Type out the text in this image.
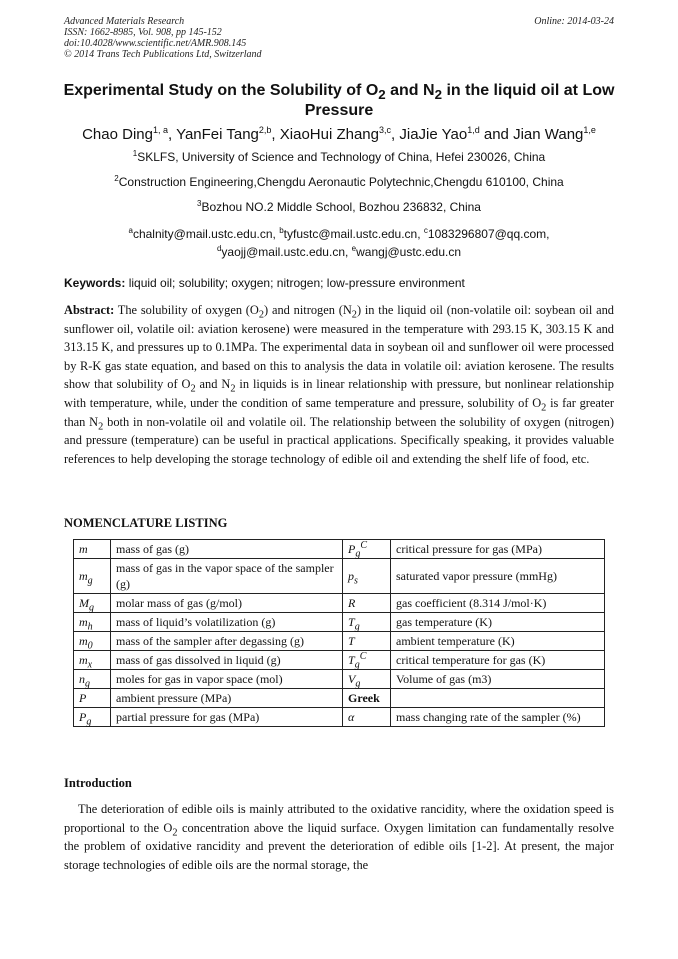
Advanced Materials Research
ISSN: 1662-8985, Vol. 908, pp 145-152
doi:10.4028/www.scientific.net/AMR.908.145
© 2014 Trans Tech Publications Ltd, Switzerland
Online: 2014-03-24
Experimental Study on the Solubility of $O_2$ and $N_2$ in the liquid oil at Low Pressure
Chao Ding$^{1, a}$, YanFei Tang$^{2,b}$, XiaoHui Zhang$^{3,c}$, JiaJie Yao$^{1,d}$ and Jian Wang$^{1,e}$
$^1$SKLFS, University of Science and Technology of China, Hefei 230026, China
$^2$Construction Engineering,Chengdu Aeronautic Polytechnic,Chengdu 610100, China
$^3$Bozhou NO.2 Middle School, Bozhou 236832, China
$^a$chalnity@mail.ustc.edu.cn, $^b$tyfustc@mail.ustc.edu.cn, $^c$1083296807@qq.com,
$^d$yaojj@mail.ustc.edu.cn, $^e$wangj@ustc.edu.cn
Keywords: liquid oil; solubility; oxygen; nitrogen; low-pressure environment
Abstract: The solubility of oxygen $(O_2)$ and nitrogen $(N_2)$ in the liquid oil (non-volatile oil: soybean oil and sunflower oil, volatile oil: aviation kerosene) were measured in the temperature with 293.15 K, 303.15 K and 313.15 K, and pressures up to 0.1MPa. The experimental data in soybean oil and sunflower oil were processed by R-K gas state equation, and based on this to analysis the data in volatile oil: aviation kerosene. The results show that solubility of $O_2$ and $N_2$ in liquids is in linear relationship with pressure, but nonlinear relationship with temperature, while, under the condition of same temperature and pressure, solubility of $O_2$ is far greater than $N_2$ both in non-volatile oil and volatile oil. The relationship between the solubility of oxygen (nitrogen) and pressure (temperature) can be useful in practical applications. Specifically speaking, it provides valuable references to help developing the storage technology of edible oil and extending the shelf life of food, etc.
NOMENCLATURE LISTING
m	mass of gas (g)	$P_g^C$	critical pressure for gas (MPa)
$m_g$	mass of gas in the vapor space of the sampler (g)	$p_s$	saturated vapor pressure (mmHg)
$M_g$	molar mass of gas (g/mol)	R	gas coefficient (8.314 J/mol·K)
$m_h$	mass of liquid’s volatilization (g)	$T_g$	gas temperature (K)
$m_0$	mass of the sampler after degassing (g)	T	ambient temperature (K)
$m_x$	mass of gas dissolved in liquid (g)	$T_g^C$	critical temperature for gas (K)
$n_g$	moles for gas in vapor space (mol)	$V_g$	Volume of gas (m3)
P	ambient pressure (MPa)	Greek	
$P_g$	partial pressure for gas (MPa)	α	mass changing rate of the sampler (%)
Introduction
The deterioration of edible oils is mainly attributed to the oxidative rancidity, where the oxidation speed is proportional to the $O_2$ concentration above the liquid surface. Oxygen limitation can fundamentally resolve the problem of oxidative rancidity and prevent the deterioration of edible oils [1-2]. At present, the major storage technologies of edible oils are the normal storage, the
